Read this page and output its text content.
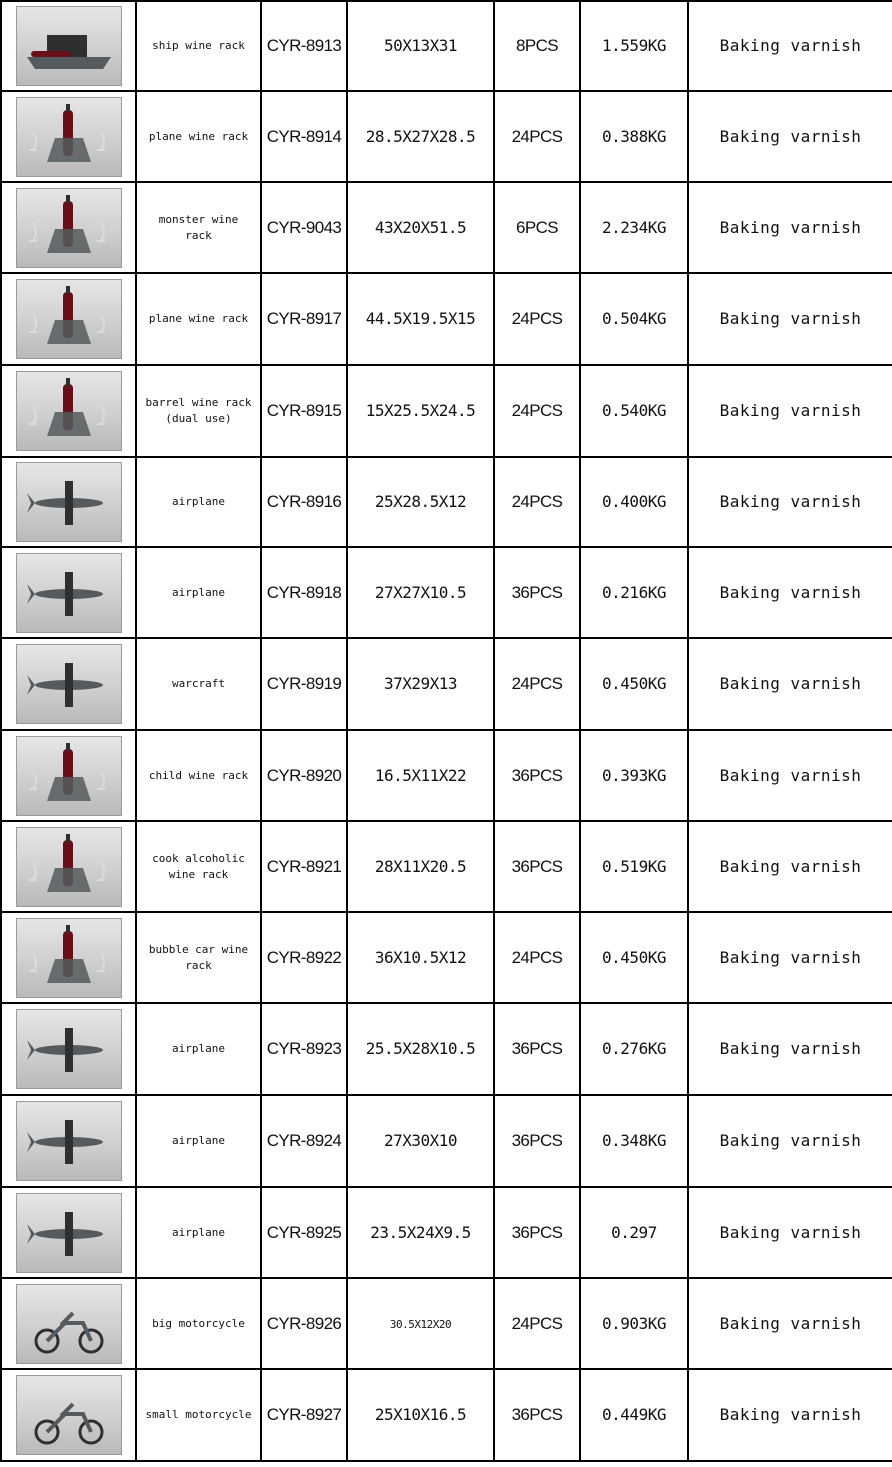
ship wine rack	CYR-8913	50X13X31	8PCS	1.559KG	Baking varnish

plane wine rack	CYR-8914	28.5X27X28.5	24PCS	0.388KG	Baking varnish

monster wine rack	CYR-9043	43X20X51.5	6PCS	2.234KG	Baking varnish

plane wine rack	CYR-8917	44.5X19.5X15	24PCS	0.504KG	Baking varnish

barrel wine rack (dual use)	CYR-8915	15X25.5X24.5	24PCS	0.540KG	Baking varnish

airplane	CYR-8916	25X28.5X12	24PCS	0.400KG	Baking varnish

airplane	CYR-8918	27X27X10.5	36PCS	0.216KG	Baking varnish

warcraft	CYR-8919	37X29X13	24PCS	0.450KG	Baking varnish

child wine rack	CYR-8920	16.5X11X22	36PCS	0.393KG	Baking varnish

cook alcoholic wine rack	CYR-8921	28X11X20.5	36PCS	0.519KG	Baking varnish

bubble car wine rack	CYR-8922	36X10.5X12	24PCS	0.450KG	Baking varnish

airplane	CYR-8923	25.5X28X10.5	36PCS	0.276KG	Baking varnish

airplane	CYR-8924	27X30X10	36PCS	0.348KG	Baking varnish

airplane	CYR-8925	23.5X24X9.5	36PCS	0.297	Baking varnish

big motorcycle	CYR-8926	30.5X12X20	24PCS	0.903KG	Baking varnish

small motorcycle	CYR-8927	25X10X16.5	36PCS	0.449KG	Baking varnish
